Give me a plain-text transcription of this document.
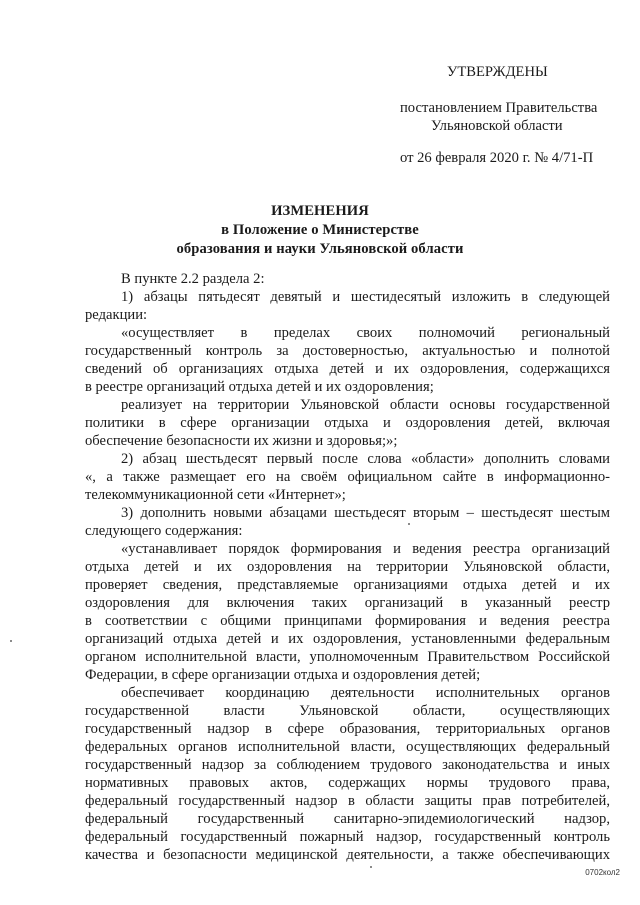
УТВЕРЖДЕНЫ
постановлением Правительства
Ульяновской области
от 26 февраля 2020 г. № 4/71-П
ИЗМЕНЕНИЯ
в Положение о Министерстве
образования и науки Ульяновской области
В пункте 2.2 раздела 2:
1) абзацы пятьдесят девятый и шестидесятый изложить в следующей
редакции:
«осуществляет в пределах своих полномочий региональный
государственный контроль за достоверностью, актуальностью и полнотой
сведений об организациях отдыха детей и их оздоровления, содержащихся
в реестре организаций отдыха детей и их оздоровления;
реализует на территории Ульяновской области основы государственной
политики в сфере организации отдыха и оздоровления детей, включая
обеспечение безопасности их жизни и здоровья;»;
2) абзац шестьдесят первый после слова «области» дополнить словами
«, а также размещает его на своём официальном сайте в информационно-
телекоммуникационной сети «Интернет»;
3) дополнить новыми абзацами шестьдесят вторым – шестьдесят шестым
следующего содержания:
«устанавливает порядок формирования и ведения реестра организаций
отдыха детей и их оздоровления на территории Ульяновской области,
проверяет сведения, представляемые организациями отдыха детей и их
оздоровления для включения таких организаций в указанный реестр
в соответствии с общими принципами формирования и ведения реестра
организаций отдыха детей и их оздоровления, установленными федеральным
органом исполнительной власти, уполномоченным Правительством Российской
Федерации, в сфере организации отдыха и оздоровления детей;
обеспечивает координацию деятельности исполнительных органов
государственной власти Ульяновской области, осуществляющих
государственный надзор в сфере образования, территориальных органов
федеральных органов исполнительной власти, осуществляющих федеральный
государственный надзор за соблюдением трудового законодательства и иных
нормативных правовых актов, содержащих нормы трудового права,
федеральный государственный надзор в области защиты прав потребителей,
федеральный государственный санитарно-эпидемиологический надзор,
федеральный государственный пожарный надзор, государственный контроль
качества и безопасности медицинской деятельности, а также обеспечивающих
0702кол2
